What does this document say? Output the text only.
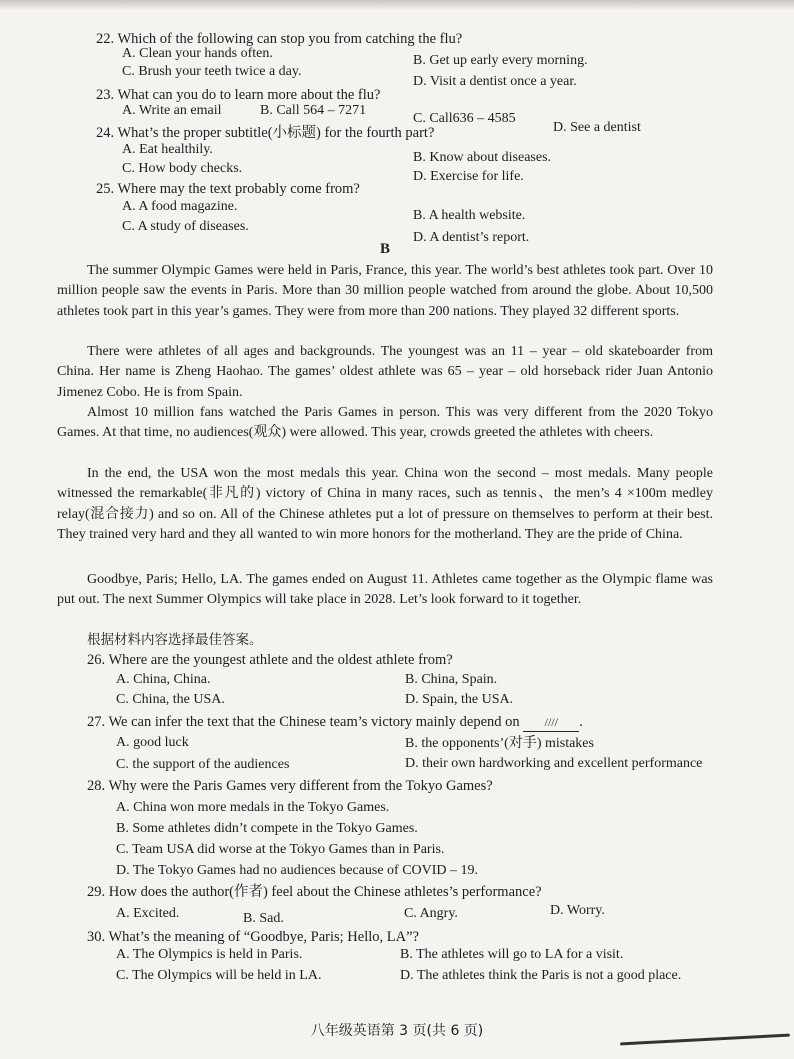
22. Which of the following can stop you from catching the flu?
A. Clean your hands often.	B. Get up early every morning.
C. Brush your teeth twice a day.
D. Visit a dentist once a year.
23. What can you do to learn more about the flu?
A. Write an email	B. Call 564 – 7271
C. Call636 – 4585
D. See a dentist
24. What’s the proper subtitle(小标题) for the fourth part?
A. Eat healthily.
B. Know about diseases.
C. How body checks.
D. Exercise for life.
25. Where may the text probably come from?
A. A food magazine.
B. A health website.
C. A study of diseases.
D. A dentist’s report.
B
The summer Olympic Games were held in Paris, France, this year. The world’s best athletes took part. Over 10 million people saw the events in Paris. More than 30 million people watched from around the globe. About 10,500 athletes took part in this year’s games. They were from more than 200 nations. They played 32 different sports.
There were athletes of all ages and backgrounds. The youngest was an 11 – year – old skateboarder from China. Her name is Zheng Haohao. The games’ oldest athlete was 65 – year – old horseback rider Juan Antonio Jimenez Cobo. He is from Spain.
Almost 10 million fans watched the Paris Games in person. This was very different from the 2020 Tokyo Games. At that time, no audiences(观众) were allowed. This year, crowds greeted the athletes with cheers.
In the end, the USA won the most medals this year. China won the second – most medals. Many people witnessed the remarkable(非凡的) victory of China in many races, such as tennis、the men’s 4 ×100m medley relay(混合接力) and so on. All of the Chinese athletes put a lot of pressure on themselves to perform at their best. They trained very hard and they all wanted to win more honors for the motherland. They are the pride of China.
Goodbye, Paris; Hello, LA. The games ended on August 11. Athletes came together as the Olympic flame was put out. The next Summer Olympics will take place in 2028. Let’s look forward to it together.
根据材料内容选择最佳答案。
26. Where are the youngest athlete and the oldest athlete from?
A. China, China.	B. China, Spain.
C. China, the USA.	D. Spain, the USA.
27. We can infer the text that the Chinese team’s victory mainly depend on //// .
A. good luck	B. the opponents’(对手) mistakes
C. the support of the audiences	D. their own hardworking and excellent performance
28. Why were the Paris Games very different from the Tokyo Games?
A. China won more medals in the Tokyo Games.
B. Some athletes didn’t compete in the Tokyo Games.
C. Team USA did worse at the Tokyo Games than in Paris.
D. The Tokyo Games had no audiences because of COVID – 19.
29. How does the author(作者) feel about the Chinese athletes’s performance?
A. Excited.	B. Sad.	C. Angry.	D. Worry.
30. What’s the meaning of “Goodbye, Paris; Hello, LA”?
A. The Olympics is held in Paris.	B. The athletes will go to LA for a visit.
C. The Olympics will be held in LA.	D. The athletes think the Paris is not a good place.
八年级英语第 3 页(共 6 页)
